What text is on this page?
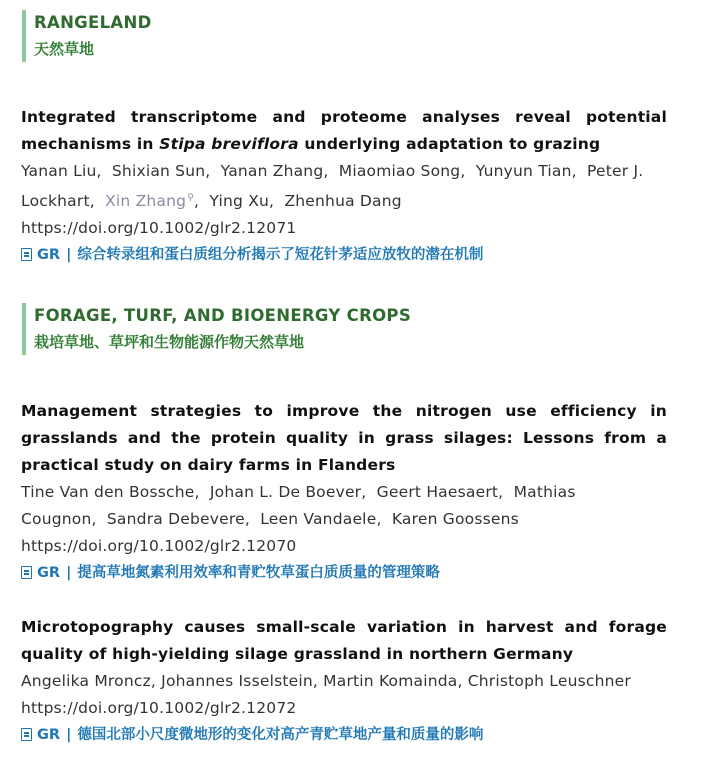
RANGELAND
天然草地

Integrated transcriptome and proteome analyses reveal potential mechanisms in Stipa breviflora underlying adaptation to grazing

Yanan Liu,  Shixian Sun,  Yanan Zhang,  Miaomiao Song,  Yunyun Tian,  Peter J. Lockhart,  Xin Zhang⚲,  Ying Xu,  Zhenhua Dang

https://doi.org/10.1002/glr2.12071

GR | 综合转录组和蛋白质组分析揭示了短花针茅适应放牧的潜在机制

FORAGE, TURF, AND BIOENERGY CROPS
栽培草地、草坪和生物能源作物天然草地

Management strategies to improve the nitrogen use efficiency in grasslands and the protein quality in grass silages: Lessons from a practical study on dairy farms in Flanders

Tine Van den Bossche,  Johan L. De Boever,  Geert Haesaert,  Mathias Cougnon,  Sandra Debevere,  Leen Vandaele,  Karen Goossens

https://doi.org/10.1002/glr2.12070

GR | 提高草地氮素利用效率和青贮牧草蛋白质质量的管理策略

Microtopography causes small-scale variation in harvest and forage quality of high-yielding silage grassland in northern Germany

Angelika Mroncz, Johannes Isselstein, Martin Komainda, Christoph Leuschner

https://doi.org/10.1002/glr2.12072

GR | 德国北部小尺度微地形的变化对高产青贮草地产量和质量的影响
